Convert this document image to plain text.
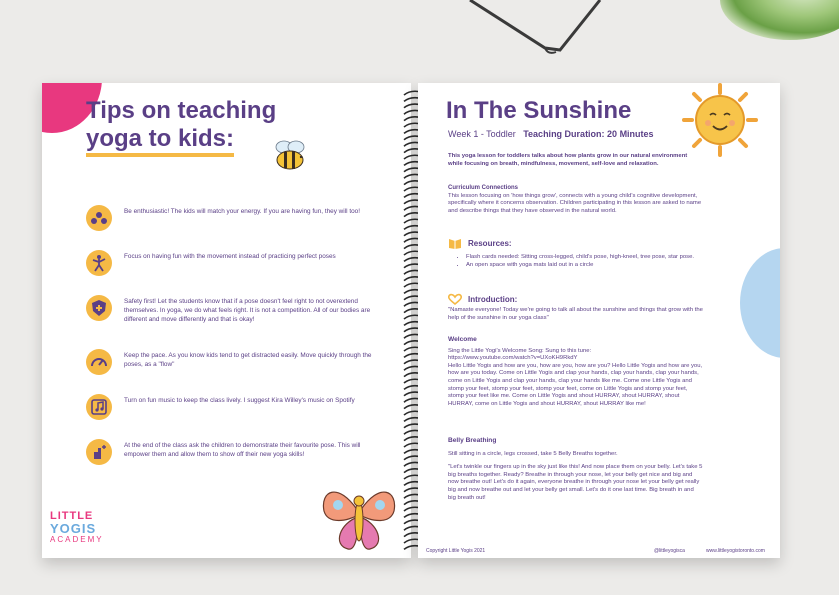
Tips on teaching
yoga to kids:
Be enthusiastic! The kids will match your energy. If you are having fun, they will too!
Focus on having fun with the movement instead of practicing perfect poses
Safety first! Let the students know that if a pose doesn't feel right to not overextend themselves. In yoga, we do what feels right. It is not a competition. All of our bodies are different and move differently and that is okay!
Keep the pace. As you know kids tend to get distracted easily. Move quickly through the poses, as a "flow"
Turn on fun music to keep the class lively. I suggest Kira Willey's music on Spotify
At the end of the class ask the children to demonstrate their favourite pose. This will empower them and allow them to show off their new yoga skills!
LITTLE
YOGIS
ACADEMY
In The Sunshine
Week 1 - Toddler Teaching Duration: 20 Minutes
This yoga lesson for toddlers talks about how plants grow in our natural environment while focusing on breath, mindfulness, movement, self-love and relaxation.

Curriculum Connections

This lesson focusing on 'how things grow', connects with a young child's cognitive development, specifically where it concerns observation. Children participating in this lesson are asked to name and describe things that they have observed in the natural world.

Resources:
• Flash cards needed: Sitting cross-legged, child's pose, high-kneel, tree pose, star pose.
• An open space with yoga mats laid out in a circle
Introduction:
"Namaste everyone! Today we're going to talk all about the sunshine and things that grow with the help of the sunshine in our yoga class"

Welcome

Sing the Little Yogi's Welcome Song: Sung to this tune:

https://www.youtube.com/watch?v=UXoKH9RkdY

Hello Little Yogis and how are you, how are you, how are you? Hello Little Yogis and how are you, how are you today. Come on Little Yogis and clap your hands, clap your hands, clap your hands, come on Little Yogis and clap your hands, clap your hands like me. Come one Little Yogis and stomp your feet, stomp your feet, stomp your feet, come on Little Yogis and stomp your feet, stomp your feet like me. Come on Little Yogis and shout HURRAY, shout HURRAY, shout HURRAY, come on Little Yogis and shout HURRAY, shout HURRAY like me!

Belly Breathing

Still sitting in a circle, legs crossed, take 5 Belly Breaths together.

"Let's twinkle our fingers up in the sky just like this! And now place them on your belly. Let's take 5 big breaths together. Ready? Breathe in through your nose, let your belly get nice and big and now breathe out! Let's do it again, everyone breathe in through your nose let your belly get really big and now breathe out and let your belly get small. Let's do it one last time. Big breath in and big breath out!

Copyright Little Yogis 2021	@littleyogisca	www.littleyogistoronto.com
